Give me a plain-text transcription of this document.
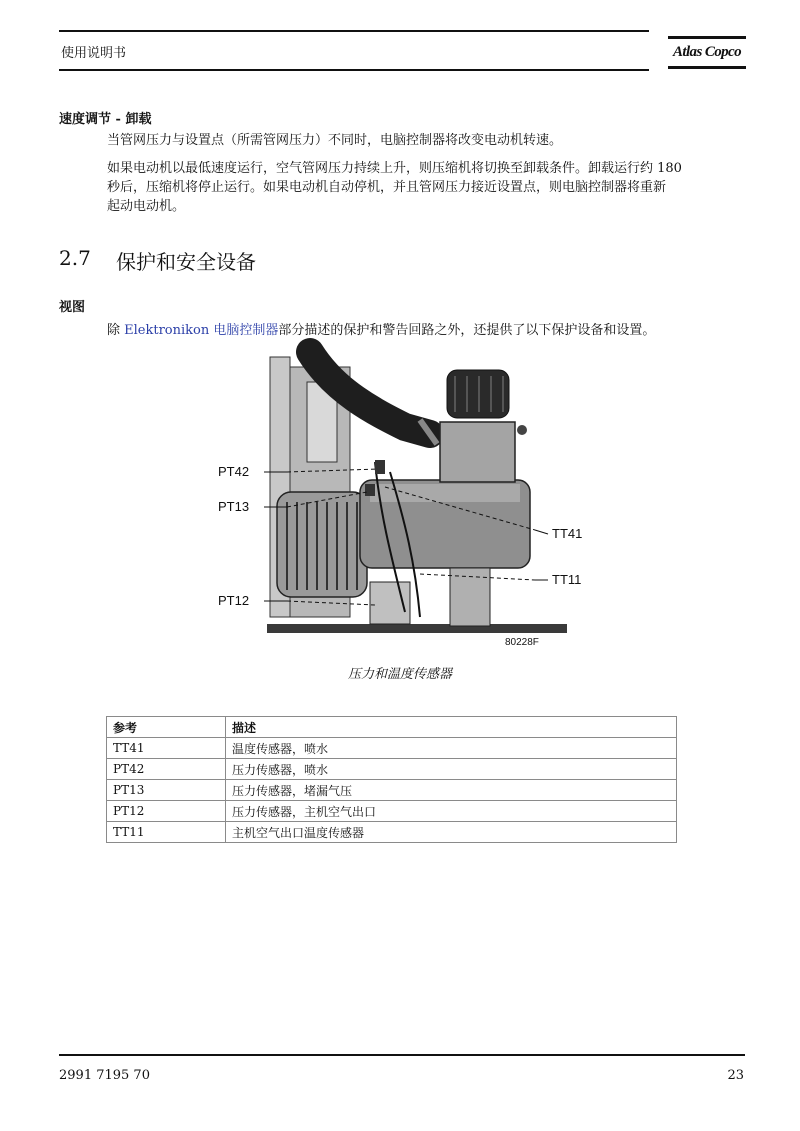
使用说明书	Atlas Copco
速度调节 - 卸载
当管网压力与设置点（所需管网压力）不同时，电脑控制器将改变电动机转速。
如果电动机以最低速度运行，空气管网压力持续上升，则压缩机将切换至卸载条件。卸载运行约 180
秒后，压缩机将停止运行。如果电动机自动停机，并且管网压力接近设置点，则电脑控制器将重新
起动电动机。
2.7 保护和安全设备
视图
除 Elektronikon 电脑控制器部分描述的保护和警告回路之外，还提供了以下保护设备和设置。
PT42
PT13
TT41
TT11
PT12
80228F
压力和温度传感器
参考	描述
TT41	温度传感器，喷水
PT42	压力传感器，喷水
PT13	压力传感器，堵漏气压
PT12	压力传感器，主机空气出口
TT11	主机空气出口温度传感器
2991 7195 70	23
